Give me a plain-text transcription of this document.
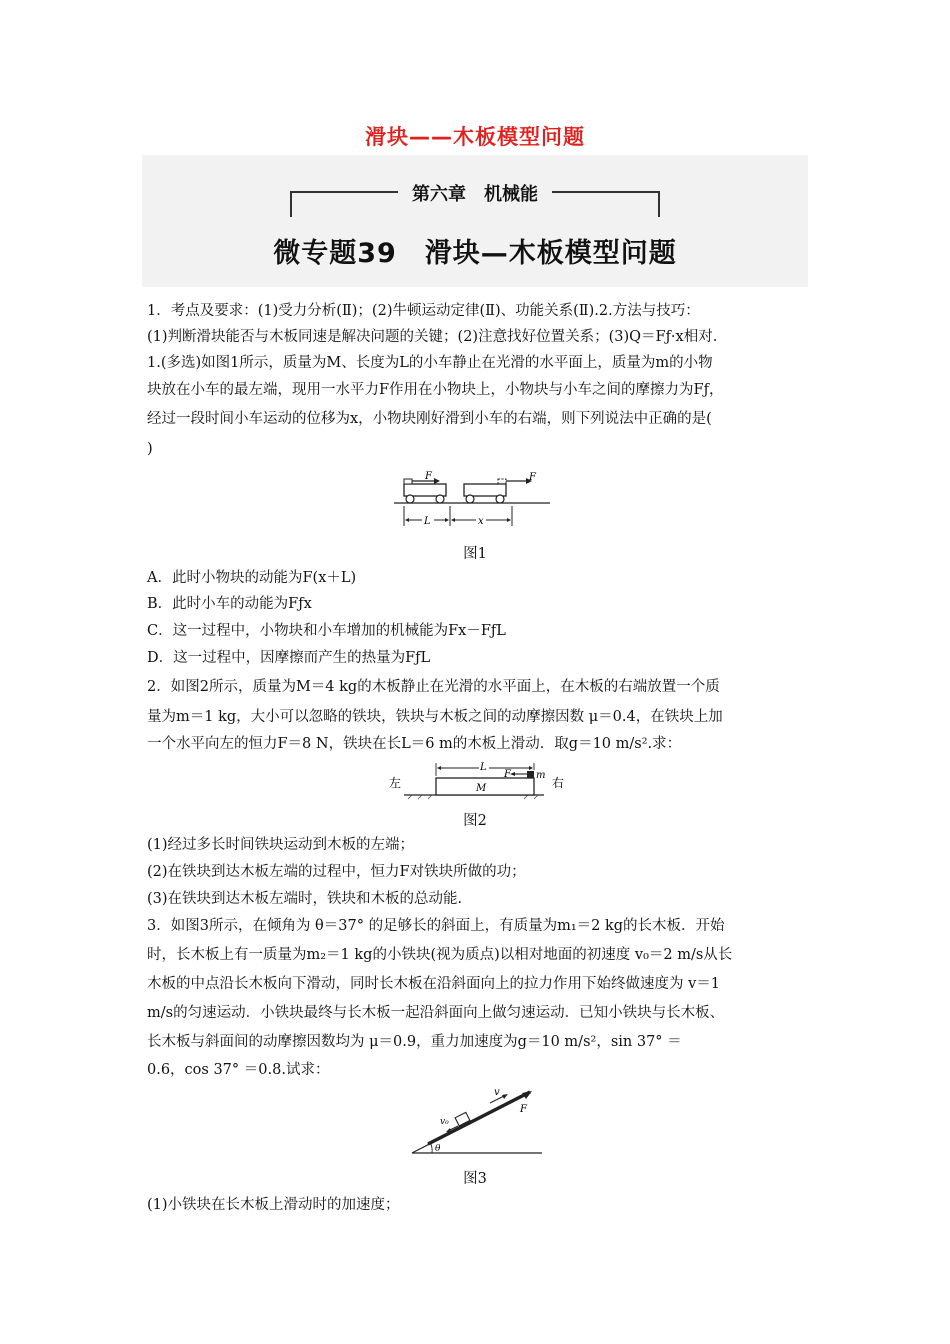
滑块——木板模型问题
第六章　机械能
微专题39　滑块—木板模型问题
1．考点及要求：(1)受力分析(Ⅱ)；(2)牛顿运动定律(Ⅱ)、功能关系(Ⅱ).2.方法与技巧：
(1)判断滑块能否与木板同速是解决问题的关键；(2)注意找好位置关系；(3)Q＝Fƒ·x相对.
1.(多选)如图1所示，质量为M、长度为L的小车静止在光滑的水平面上，质量为m的小物
块放在小车的最左端，现用一水平力F作用在小物块上，小物块与小车之间的摩擦力为Fƒ，
经过一段时间小车运动的位移为x，小物块刚好滑到小车的右端，则下列说法中正确的是(
)
F	F
L	x
图1
A．此时小物块的动能为F(x＋L)
B．此时小车的动能为Fƒx
C．这一过程中，小物块和小车增加的机械能为Fx－FƒL
D．这一过程中，因摩擦而产生的热量为FƒL
2．如图2所示，质量为M＝4 kg的木板静止在光滑的水平面上，在木板的右端放置一个质
量为m＝1 kg，大小可以忽略的铁块，铁块与木板之间的动摩擦因数 μ＝0.4，在铁块上加
一个水平向左的恒力F＝8 N，铁块在长L＝6 m的木板上滑动．取g＝10 m/s².求：
左	右
M
m
F
L
图2
(1)经过多长时间铁块运动到木板的左端；
(2)在铁块到达木板左端的过程中，恒力F对铁块所做的功；
(3)在铁块到达木板左端时，铁块和木板的总动能.
3．如图3所示，在倾角为 θ＝37° 的足够长的斜面上，有质量为m₁＝2 kg的长木板．开始
时，长木板上有一质量为m₂＝1 kg的小铁块(视为质点)以相对地面的初速度 v₀＝2 m/s从长
木板的中点沿长木板向下滑动，同时长木板在沿斜面向上的拉力作用下始终做速度为 v＝1
m/s的匀速运动．小铁块最终与长木板一起沿斜面向上做匀速运动．已知小铁块与长木板、
长木板与斜面间的动摩擦因数均为 μ＝0.9，重力加速度为g＝10 m/s²，sin 37° ＝
0.6，cos 37° ＝0.8.试求：
v₀
v
F
θ
图3
(1)小铁块在长木板上滑动时的加速度；
